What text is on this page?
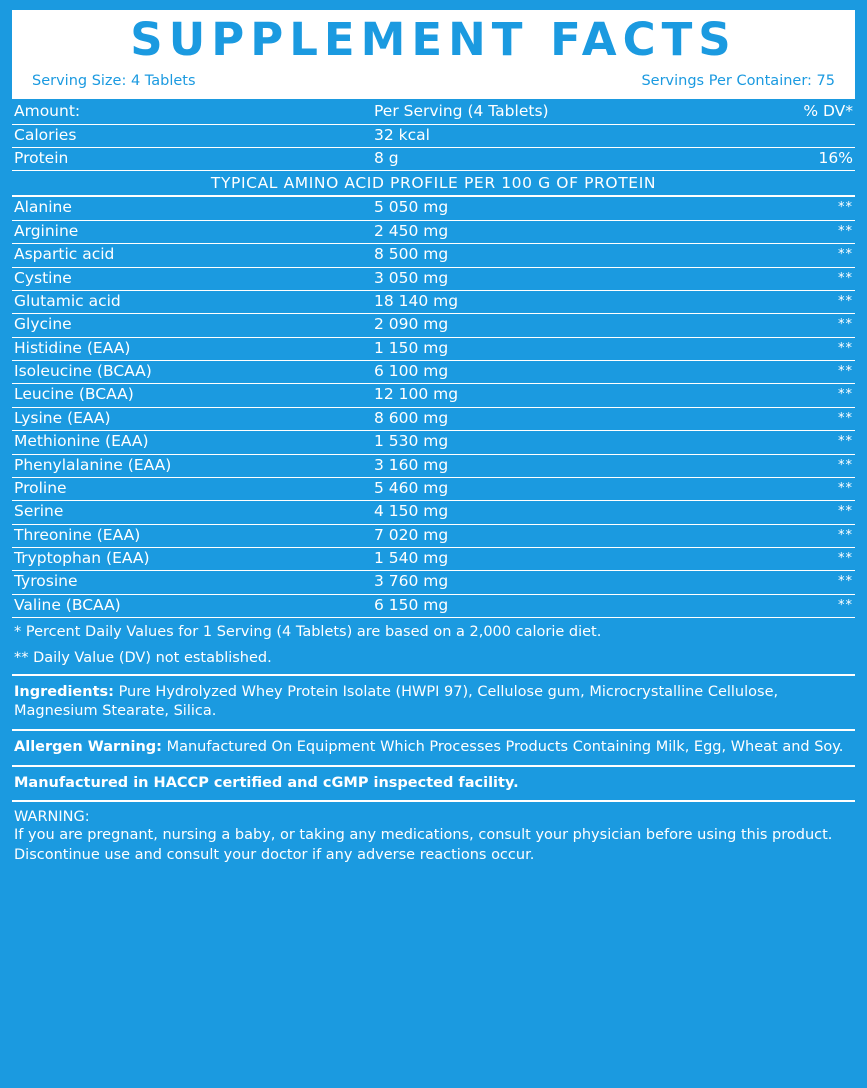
SUPPLEMENT FACTS
Serving Size: 4 Tablets	Servings Per Container: 75
Amount:	Per Serving (4 Tablets)	% DV*
Calories	32 kcal
Protein	8 g	16%
TYPICAL AMINO ACID PROFILE PER 100 G OF PROTEIN
Alanine	5 050 mg	**
Arginine	2 450 mg	**
Aspartic acid	8 500 mg	**
Cystine	3 050 mg	**
Glutamic acid	18 140 mg	**
Glycine	2 090 mg	**
Histidine (EAA)	1 150 mg	**
Isoleucine (BCAA)	6 100 mg	**
Leucine (BCAA)	12 100 mg	**
Lysine (EAA)	8 600 mg	**
Methionine (EAA)	1 530 mg	**
Phenylalanine (EAA)	3 160 mg	**
Proline	5 460 mg	**
Serine	4 150 mg	**
Threonine (EAA)	7 020 mg	**
Tryptophan (EAA)	1 540 mg	**
Tyrosine	3 760 mg	**
Valine (BCAA)	6 150 mg	**
* Percent Daily Values for 1 Serving (4 Tablets) are based on a 2,000 calorie diet.
** Daily Value (DV) not established.
Ingredients: Pure Hydrolyzed Whey Protein Isolate (HWPI 97), Cellulose gum, Microcrystalline Cellulose, Magnesium Stearate, Silica.
Allergen Warning: Manufactured On Equipment Which Processes Products Containing Milk, Egg, Wheat and Soy.
Manufactured in HACCP certified and cGMP inspected facility.
WARNING:
If you are pregnant, nursing a baby, or taking any medications, consult your physician before using this product. Discontinue use and consult your doctor if any adverse reactions occur.
